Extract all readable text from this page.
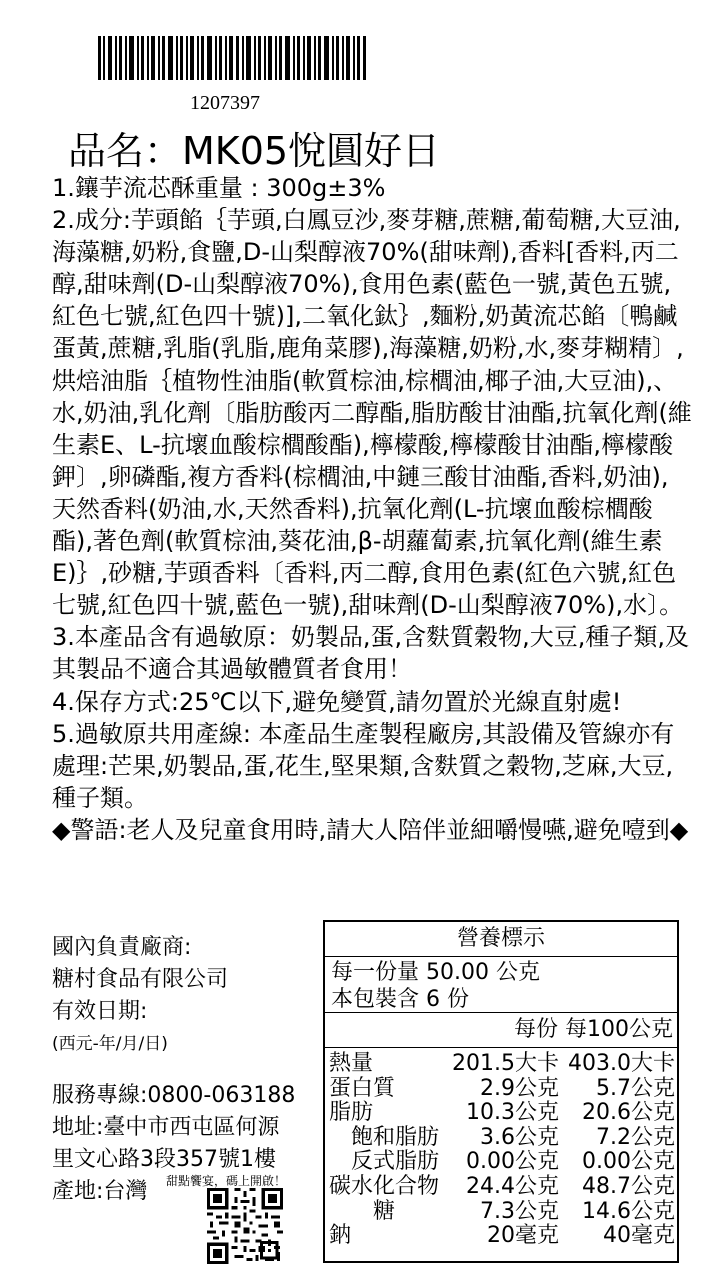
1207397
品名：MK05悅圓好日

1.鑲芋流芯酥重量 : 300g±3%

2.成分:芋頭餡｛芋頭,白鳳豆沙,麥芽糖,蔗糖,葡萄糖,大豆油,海藻糖,奶粉,食鹽,D-山梨醇液70%(甜味劑),香料[香料,丙二醇,甜味劑(D-山梨醇液70%),食用色素(藍色一號,黃色五號,紅色七號,紅色四十號)],二氧化鈦｝,麵粉,奶黃流芯餡〔鴨鹹蛋黃,蔗糖,乳脂(乳脂,鹿角菜膠),海藻糖,奶粉,水,麥芽糊精〕,烘焙油脂｛植物性油脂(軟質棕油,棕櫚油,椰子油,大豆油),、水,奶油,乳化劑〔脂肪酸丙二醇酯,脂肪酸甘油酯,抗氧化劑(維生素E、L-抗壞血酸棕櫚酸酯),檸檬酸,檸檬酸甘油酯,檸檬酸鉀〕,卵磷酯,複方香料(棕櫚油,中鏈三酸甘油酯,香料,奶油),天然香料(奶油,水,天然香料),抗氧化劑(L-抗壞血酸棕櫚酸酯),著色劑(軟質棕油,葵花油,β-胡蘿蔔素,抗氧化劑(維生素E)｝,砂糖,芋頭香料〔香料,丙二醇,食用色素(紅色六號,紅色七號,紅色四十號,藍色一號),甜味劑(D-山梨醇液70%),水〕。

3.本產品含有過敏原：奶製品,蛋,含麩質穀物,大豆,種子類,及其製品不適合其過敏體質者食用！

4.保存方式:25℃以下,避免變質,請勿置於光線直射處!

5.過敏原共用產線: 本產品生產製程廠房,其設備及管線亦有處理:芒果,奶製品,蛋,花生,堅果類,含麩質之穀物,芝麻,大豆,種子類。

◆警語:老人及兒童食用時,請大人陪伴並細嚼慢嚥,避免噎到◆

國內負責廠商:
糖村食品有限公司
有效日期:
(西元-年/月/日)
服務專線:0800-063188
地址:臺中市西屯區何源
里文心路3段357號1樓
產地:台灣	甜點饗宴，碼上開啟！
營養標示
每一份量 50.00 公克
本包裝含 6 份
每份 每100公克
熱量	201.5大卡 403.0大卡
蛋白質	2.9公克	5.7公克
脂肪	10.3公克	20.6公克
　飽和脂肪	3.6公克	7.2公克
　反式脂肪	0.00公克	0.00公克
碳水化合物	24.4公克	48.7公克
　　糖	7.3公克	14.6公克
鈉	20毫克	40毫克
